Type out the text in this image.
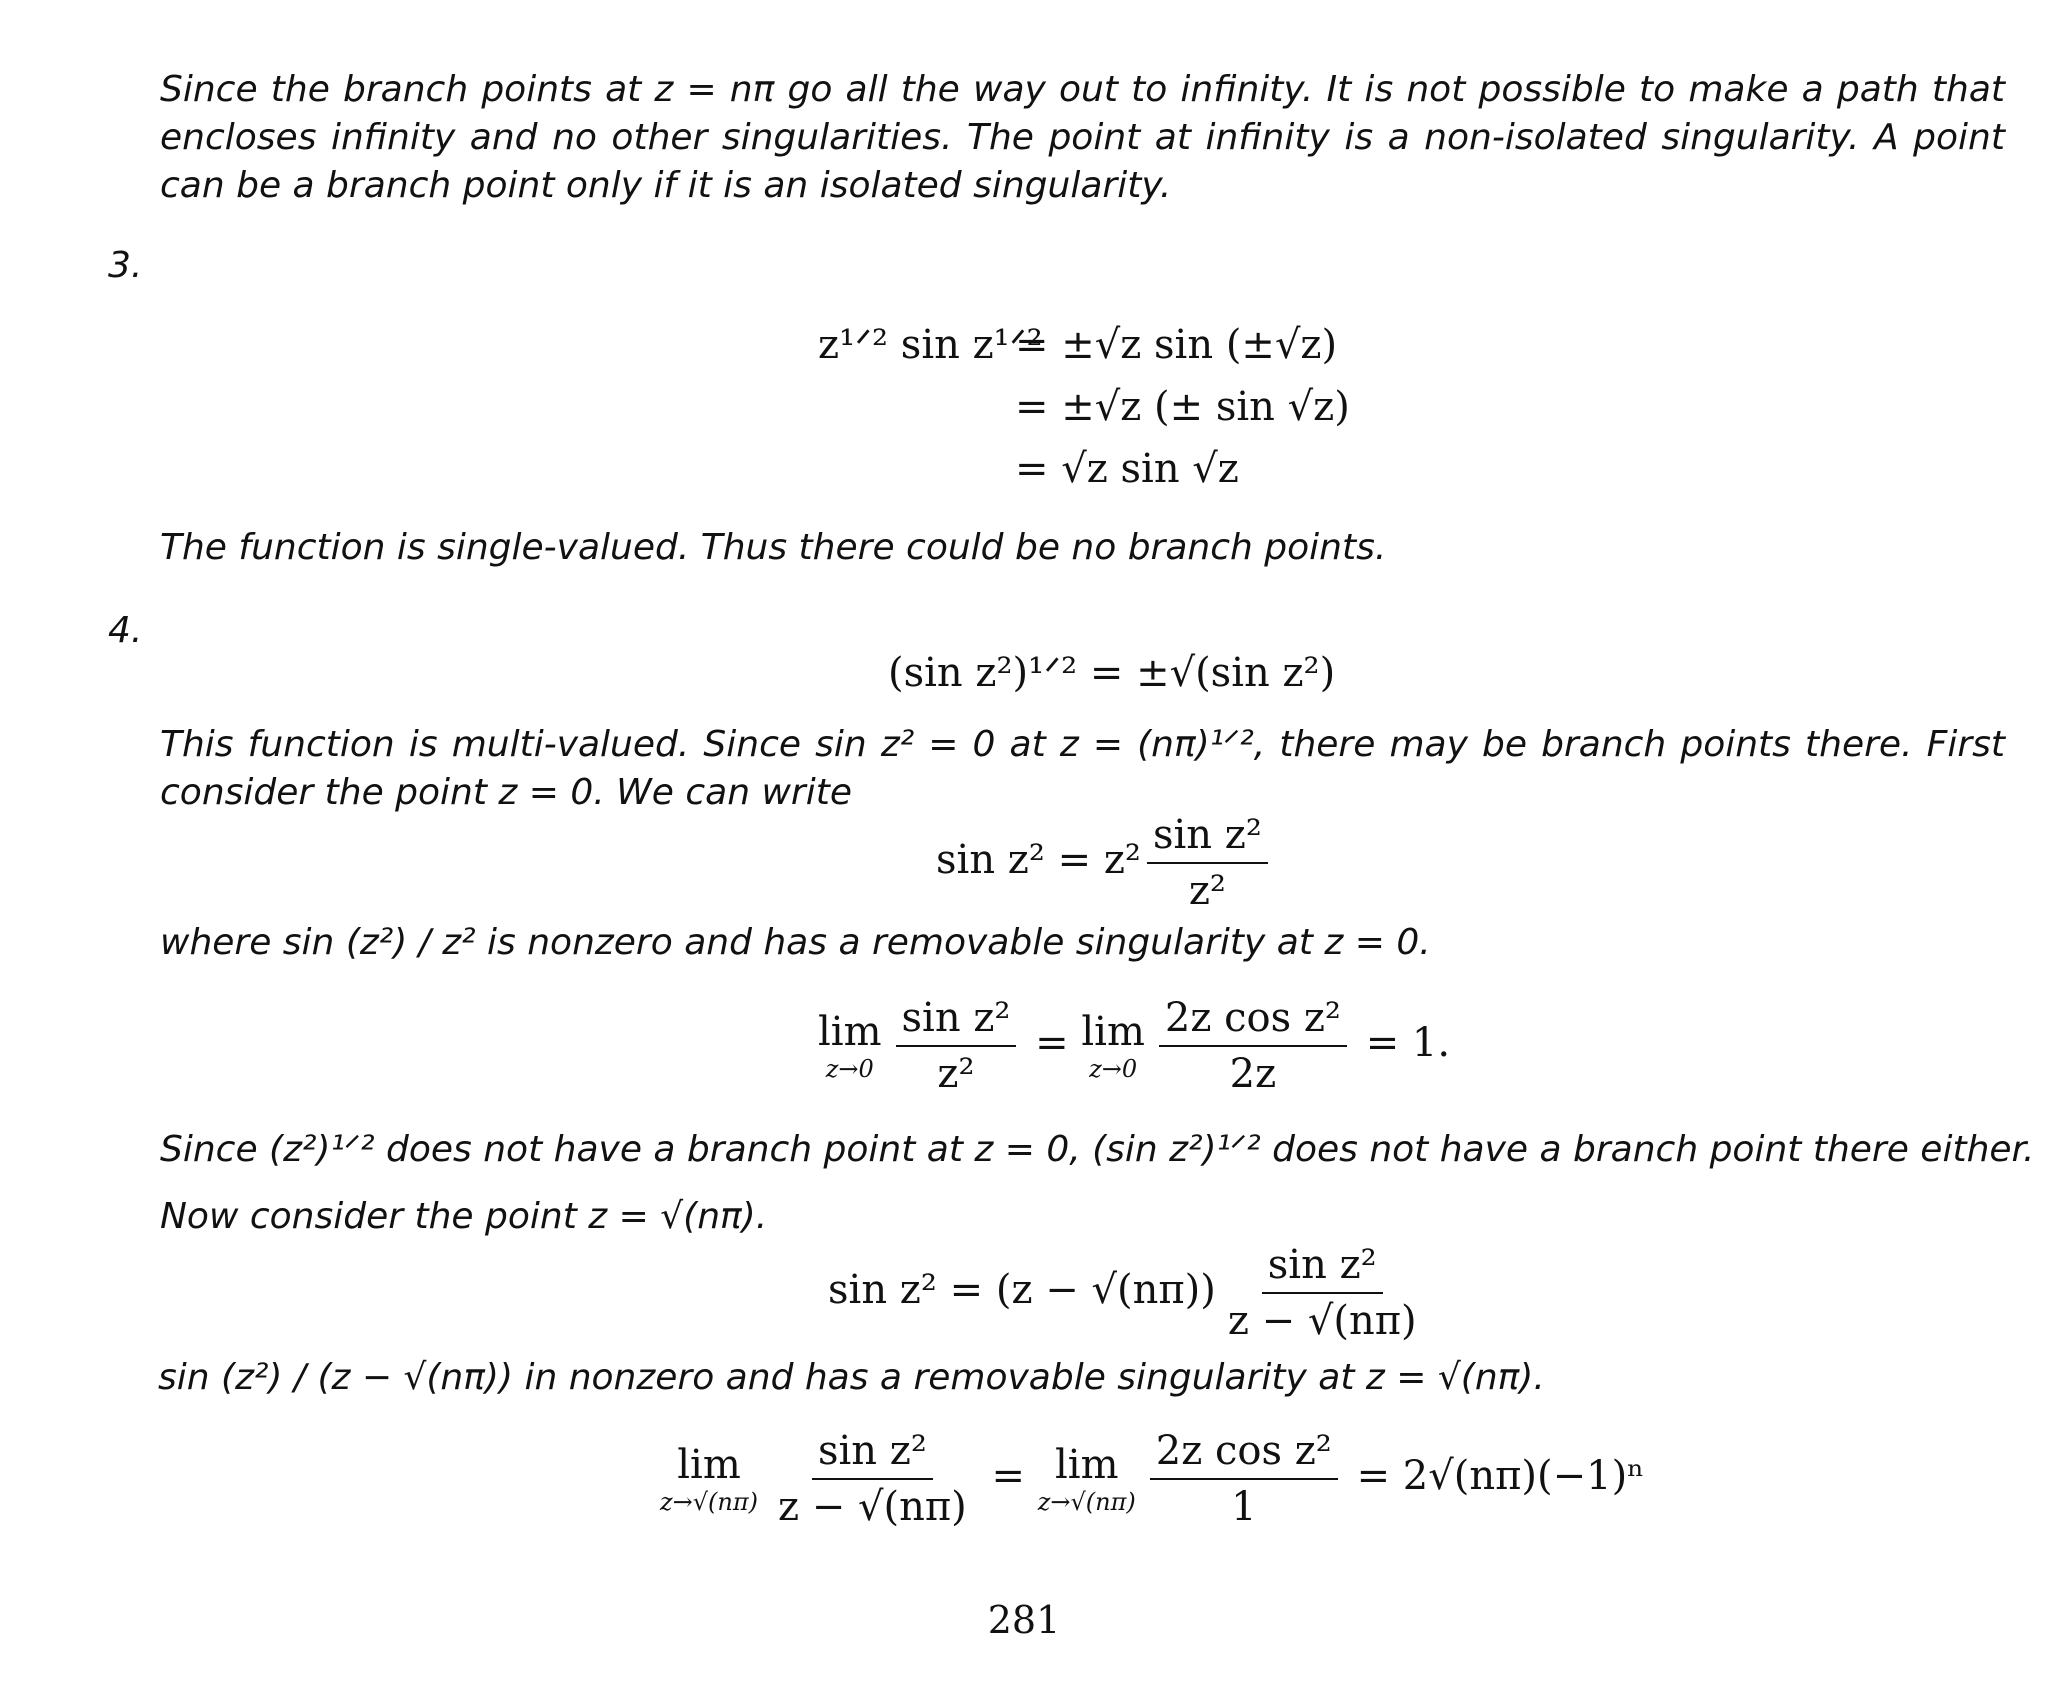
Since the branch points at z = nπ go all the way out to infinity. It is not possible to make a path that encloses infinity and no other singularities. The point at infinity is a non-isolated singularity. A point can be a branch point only if it is an isolated singularity.
3.
z¹ᐟ² sin z¹ᐟ²
= ±√z sin (±√z)
= ±√z (± sin √z)
= √z sin √z
The function is single-valued. Thus there could be no branch points.
4.
(sin z²)¹ᐟ² = ±√(sin z²)
This function is multi-valued. Since sin z² = 0 at z = (nπ)¹ᐟ², there may be branch points there. First consider the point z = 0. We can write
$\sin z^2 = z^2 \frac{\text{sin z²}}{\text{z²}}$
where sin (z²) / z² is nonzero and has a removable singularity at z = 0.
lim
$z\to 0 \frac{\text{sin z²}}{\text{z²}} = \lim$
$z\to 0 \frac{\text{2z cos z²}}{2z} = 1$.
Since (z²)¹ᐟ² does not have a branch point at z = 0, (sin z²)¹ᐟ² does not have a branch point there either.
Now consider the point z = √(nπ).
$\sin z^2 = (z - √(n\pi)) \frac{\text{sin z²}}{z - √(n\pi)}$
sin (z²) / (z − √(nπ)) in nonzero and has a removable singularity at z = √(nπ).
lim
$z\to√(n\pi) \frac{\text{sin z²}}{z - √(n\pi)} = \lim$
$z\to√(n\pi) \frac{\text{2z cos z²}}{1} = 2√(n\pi)(-1)^n$
281
